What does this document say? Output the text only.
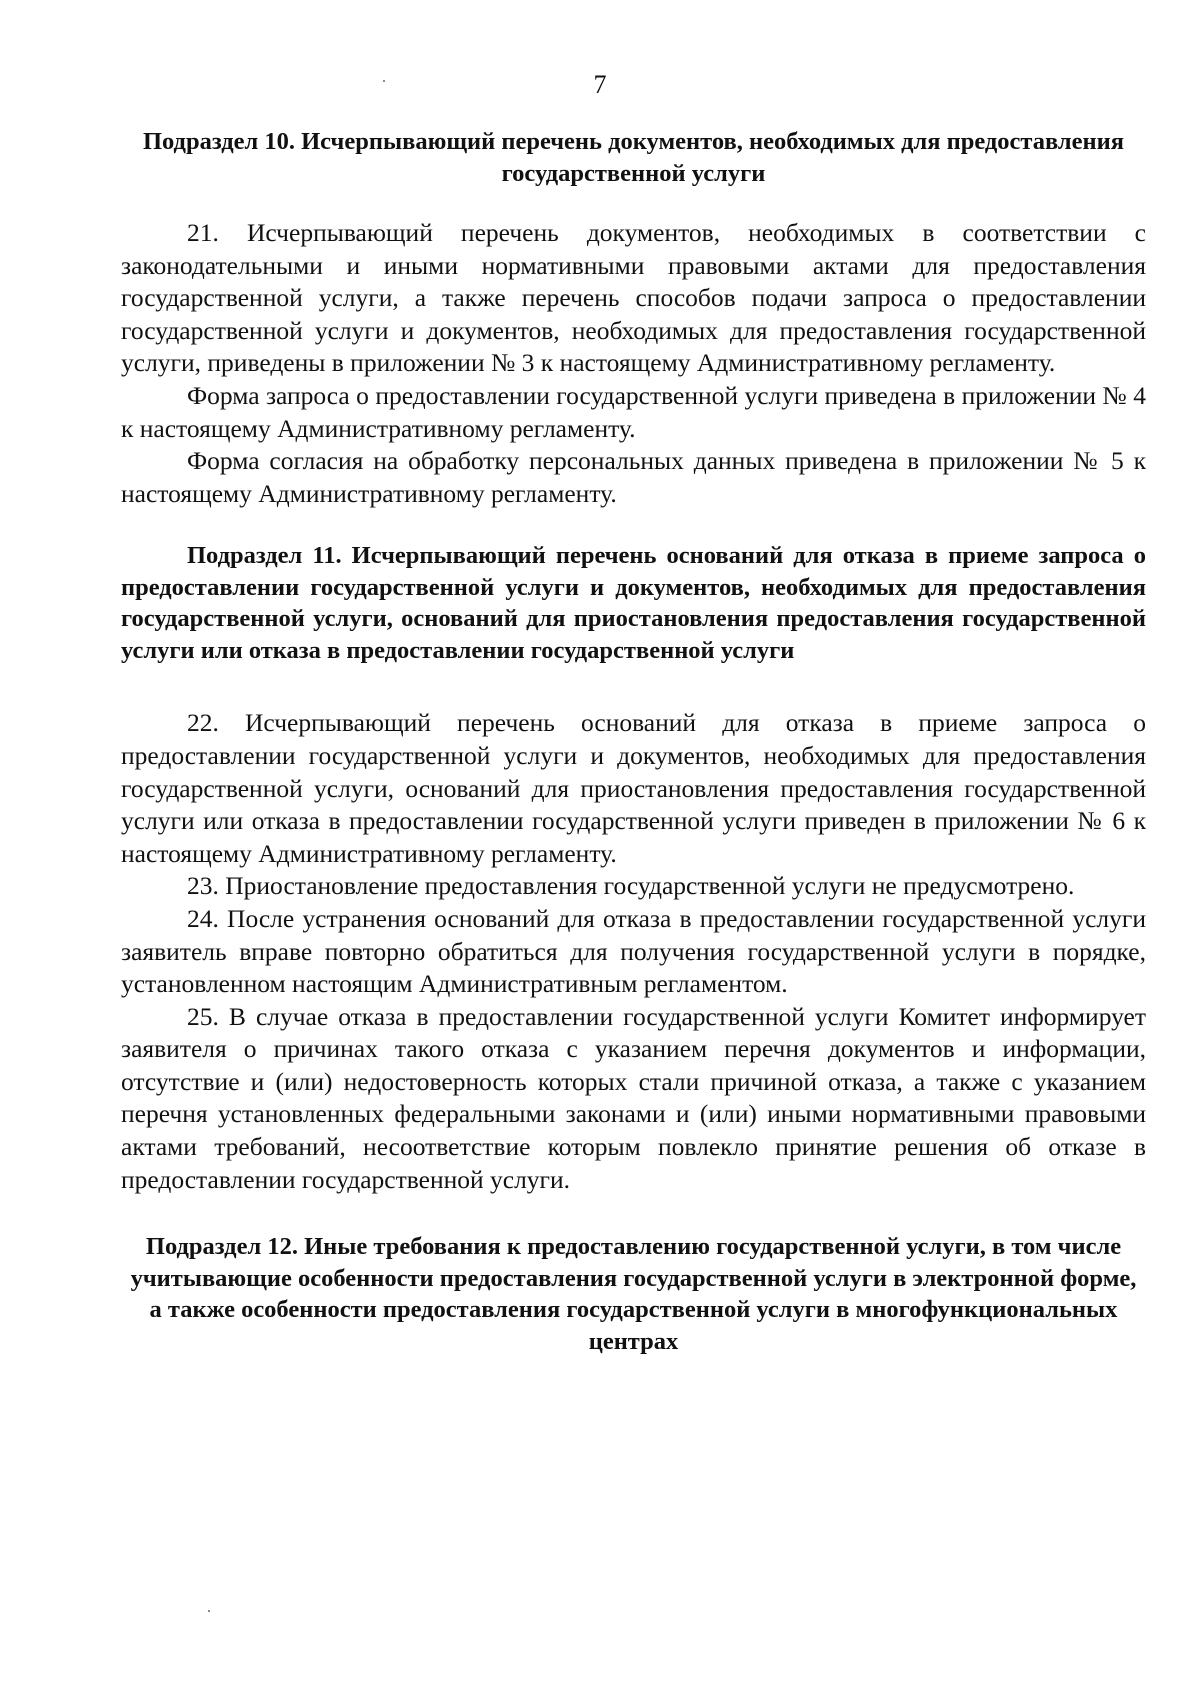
7
Подраздел 10. Исчерпывающий перечень документов, необходимых для предоставления государственной услуги

21. Исчерпывающий перечень документов, необходимых в соответствии с законодательными и иными нормативными правовыми актами для предоставления государственной услуги, а также перечень способов подачи запроса о предоставлении государственной услуги и документов, необходимых для предоставления государственной услуги, приведены в приложении № 3 к настоящему Административному регламенту.

Форма запроса о предоставлении государственной услуги приведена в приложении № 4 к настоящему Административному регламенту.

Форма согласия на обработку персональных данных приведена в приложении № 5 к настоящему Административному регламенту.

Подраздел 11. Исчерпывающий перечень оснований для отказа в приеме запроса о предоставлении государственной услуги и документов, необходимых для предоставления государственной услуги, оснований для приостановления предоставления государственной услуги или отказа в предоставлении государственной услуги

22. Исчерпывающий перечень оснований для отказа в приеме запроса о предоставлении государственной услуги и документов, необходимых для предоставления государственной услуги, оснований для приостановления предоставления государственной услуги или отказа в предоставлении государственной услуги приведен в приложении № 6 к настоящему Административному регламенту.

23. Приостановление предоставления государственной услуги не предусмотрено.

24. После устранения оснований для отказа в предоставлении государственной услуги заявитель вправе повторно обратиться для получения государственной услуги в порядке, установленном настоящим Административным регламентом.

25. В случае отказа в предоставлении государственной услуги Комитет информирует заявителя о причинах такого отказа с указанием перечня документов и информации, отсутствие и (или) недостоверность которых стали причиной отказа, а также с указанием перечня установленных федеральными законами и (или) иными нормативными правовыми актами требований, несоответствие которым повлекло принятие решения об отказе в предоставлении государственной услуги.

Подраздел 12. Иные требования к предоставлению государственной услуги, в том числе учитывающие особенности предоставления государственной услуги в электронной форме, а также особенности предоставления государственной услуги в многофункциональных центрах
